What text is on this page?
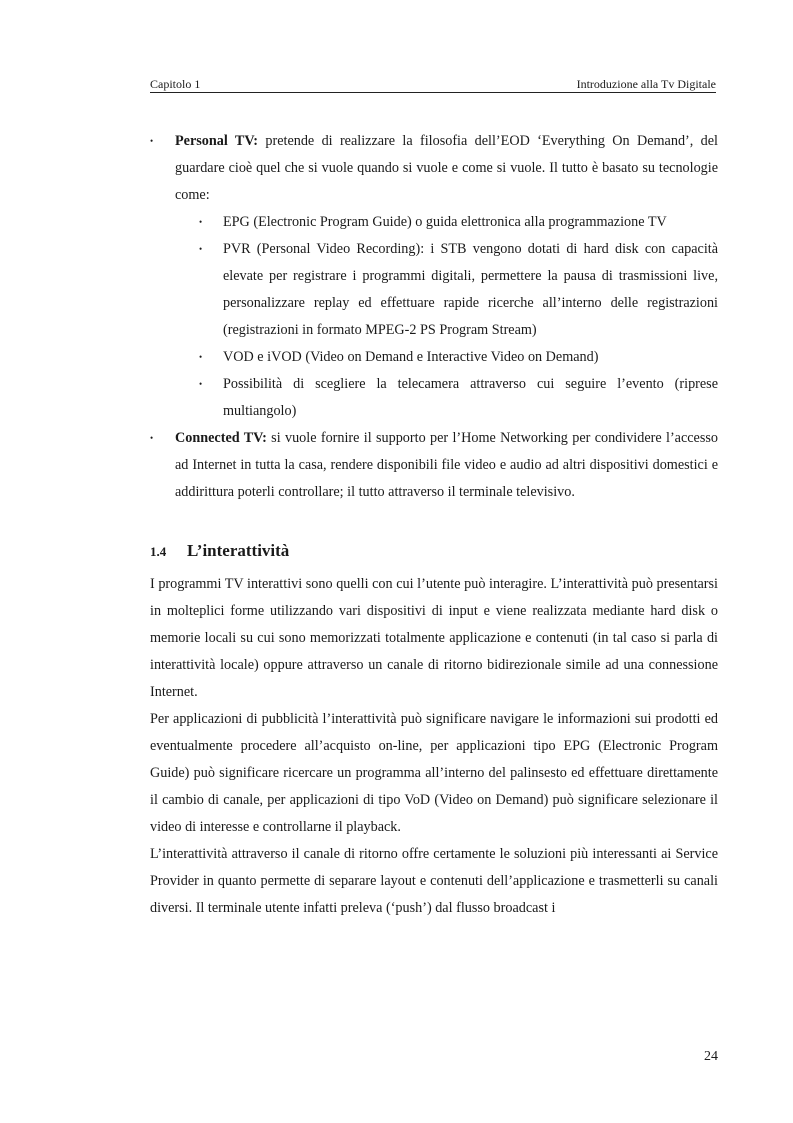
Capitolo 1	Introduzione alla Tv Digitale
• Personal TV: pretende di realizzare la filosofia dell’EOD ‘Everything On Demand’, del guardare cioè quel che si vuole quando si vuole e come si vuole. Il tutto è basato su tecnologie come:

• EPG (Electronic Program Guide) o guida elettronica alla programmazione TV

• PVR (Personal Video Recording): i STB vengono dotati di hard disk con capacità elevate per registrare i programmi digitali, permettere la pausa di trasmissioni live, personalizzare replay ed effettuare rapide ricerche all’interno delle registrazioni (registrazioni in formato MPEG-2 PS Program Stream)

• VOD e iVOD (Video on Demand e Interactive Video on Demand)

• Possibilità di scegliere la telecamera attraverso cui seguire l’evento (riprese multiangolo)

• Connected TV: si vuole fornire il supporto per l’Home Networking per condividere l’accesso ad Internet in tutta la casa, rendere disponibili file video e audio ad altri dispositivi domestici e addirittura poterli controllare; il tutto attraverso il terminale televisivo.

1.4	L’interattività

I programmi TV interattivi sono quelli con cui l’utente può interagire. L’interattività può presentarsi in molteplici forme utilizzando vari dispositivi di input e viene realizzata mediante hard disk o memorie locali su cui sono memorizzati totalmente applicazione e contenuti (in tal caso si parla di interattività locale) oppure attraverso un canale di ritorno bidirezionale simile ad una connessione Internet.

Per applicazioni di pubblicità l’interattività può significare navigare le informazioni sui prodotti ed eventualmente procedere all’acquisto on-line, per applicazioni tipo EPG (Electronic Program Guide) può significare ricercare un programma all’interno del palinsesto ed effettuare direttamente il cambio di canale, per applicazioni di tipo VoD (Video on Demand) può significare selezionare il video di interesse e controllarne il playback.

L’interattività attraverso il canale di ritorno offre certamente le soluzioni più interessanti ai Service Provider in quanto permette di separare layout e contenuti dell’applicazione e trasmetterli su canali diversi. Il terminale utente infatti preleva (‘push’) dal flusso broadcast i

24
